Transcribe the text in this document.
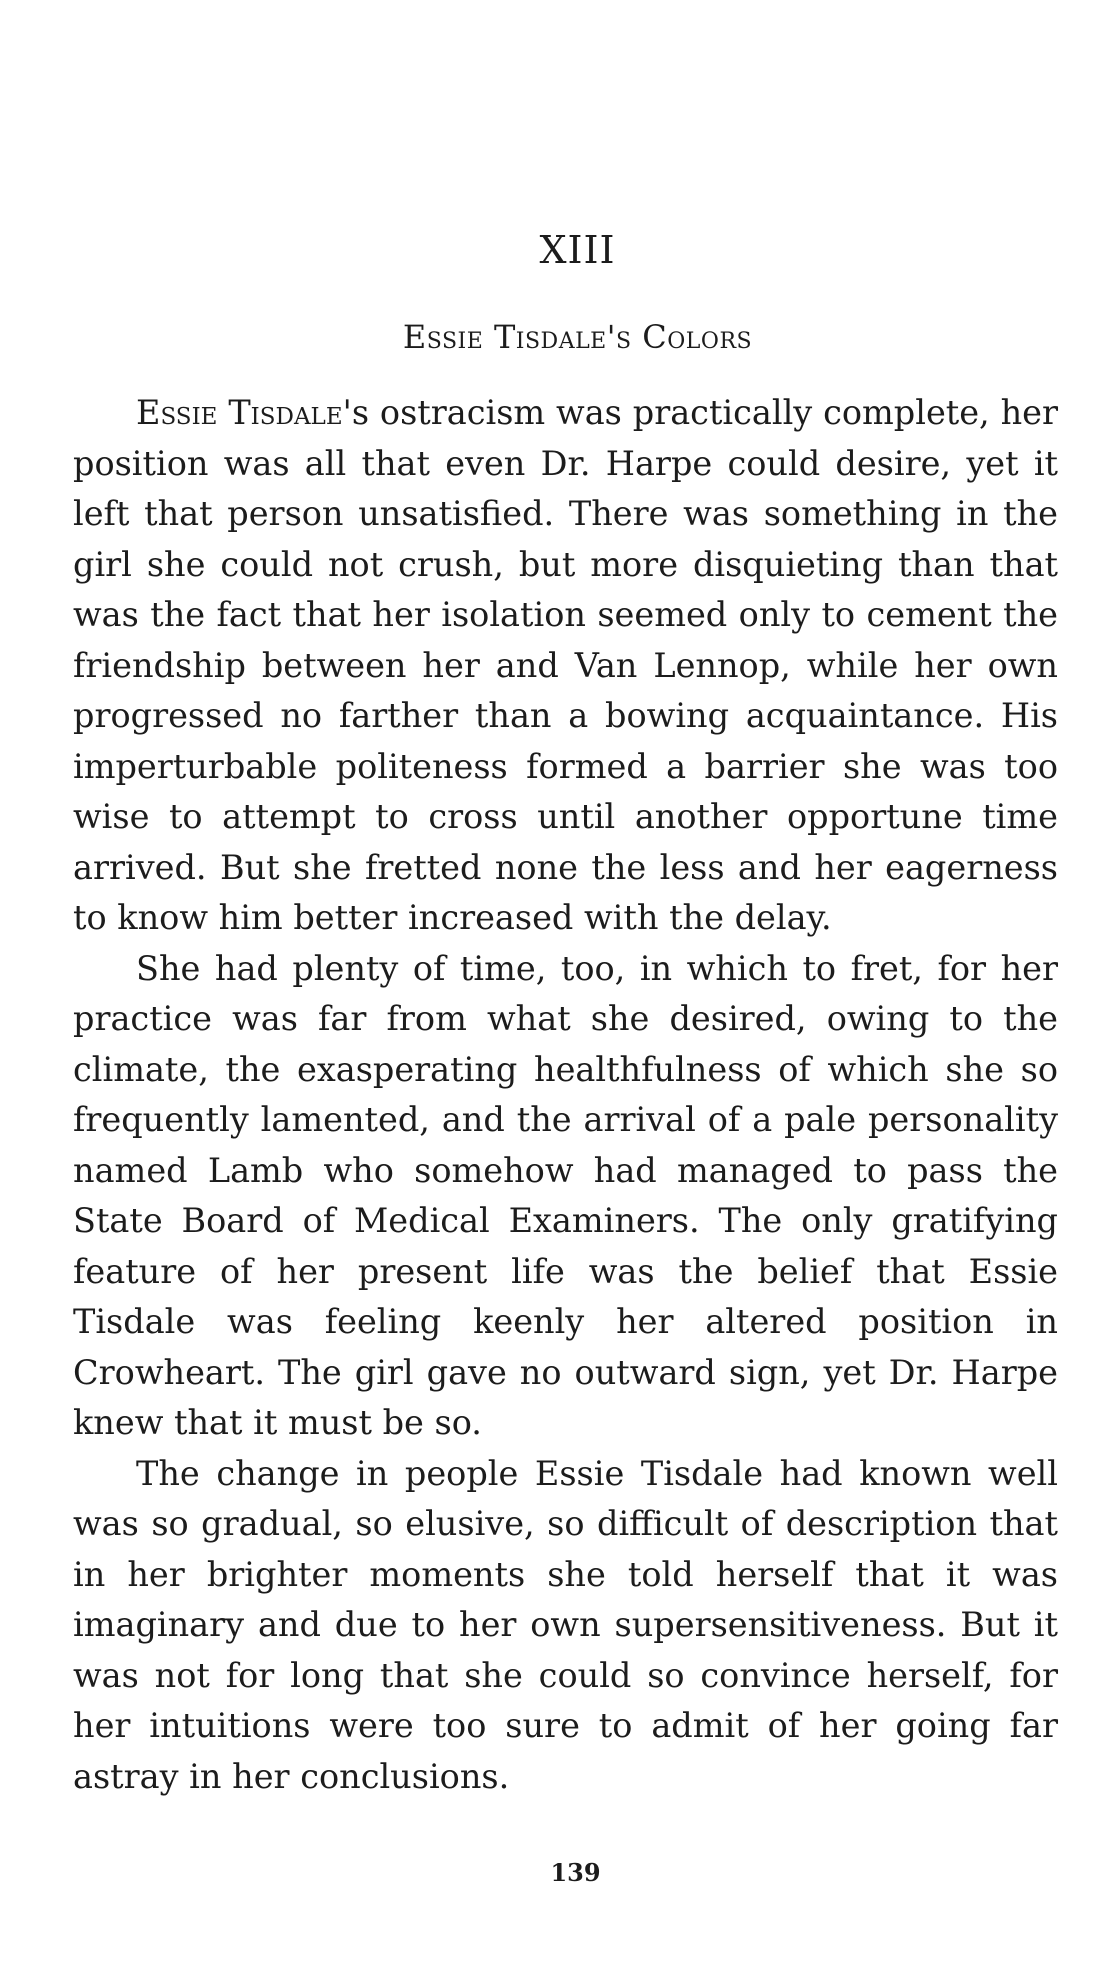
XIII
Essie Tisdale's Colors

Essie Tisdale's ostracism was practically complete, her position was all that even Dr. Harpe could desire, yet it left that person unsatisfied. There was something in the girl she could not crush, but more disquieting than that was the fact that her isolation seemed only to cement the friendship between her and Van Lennop, while her own progressed no farther than a bowing acquaintance. His imperturbable politeness formed a barrier she was too wise to attempt to cross until another opportune time arrived. But she fretted none the less and her eagerness to know him better increased with the delay.

She had plenty of time, too, in which to fret, for her practice was far from what she desired, owing to the climate, the exasperating healthfulness of which she so frequently lamented, and the arrival of a pale personality named Lamb who somehow had managed to pass the State Board of Medical Examiners. The only gratifying feature of her present life was the belief that Essie Tisdale was feeling keenly her altered position in Crowheart. The girl gave no outward sign, yet Dr. Harpe knew that it must be so.

The change in people Essie Tisdale had known well was so gradual, so elusive, so difficult of description that in her brighter moments she told herself that it was imaginary and due to her own supersensitiveness. But it was not for long that she could so convince herself, for her intuitions were too sure to admit of her going far astray in her conclusions.

139
